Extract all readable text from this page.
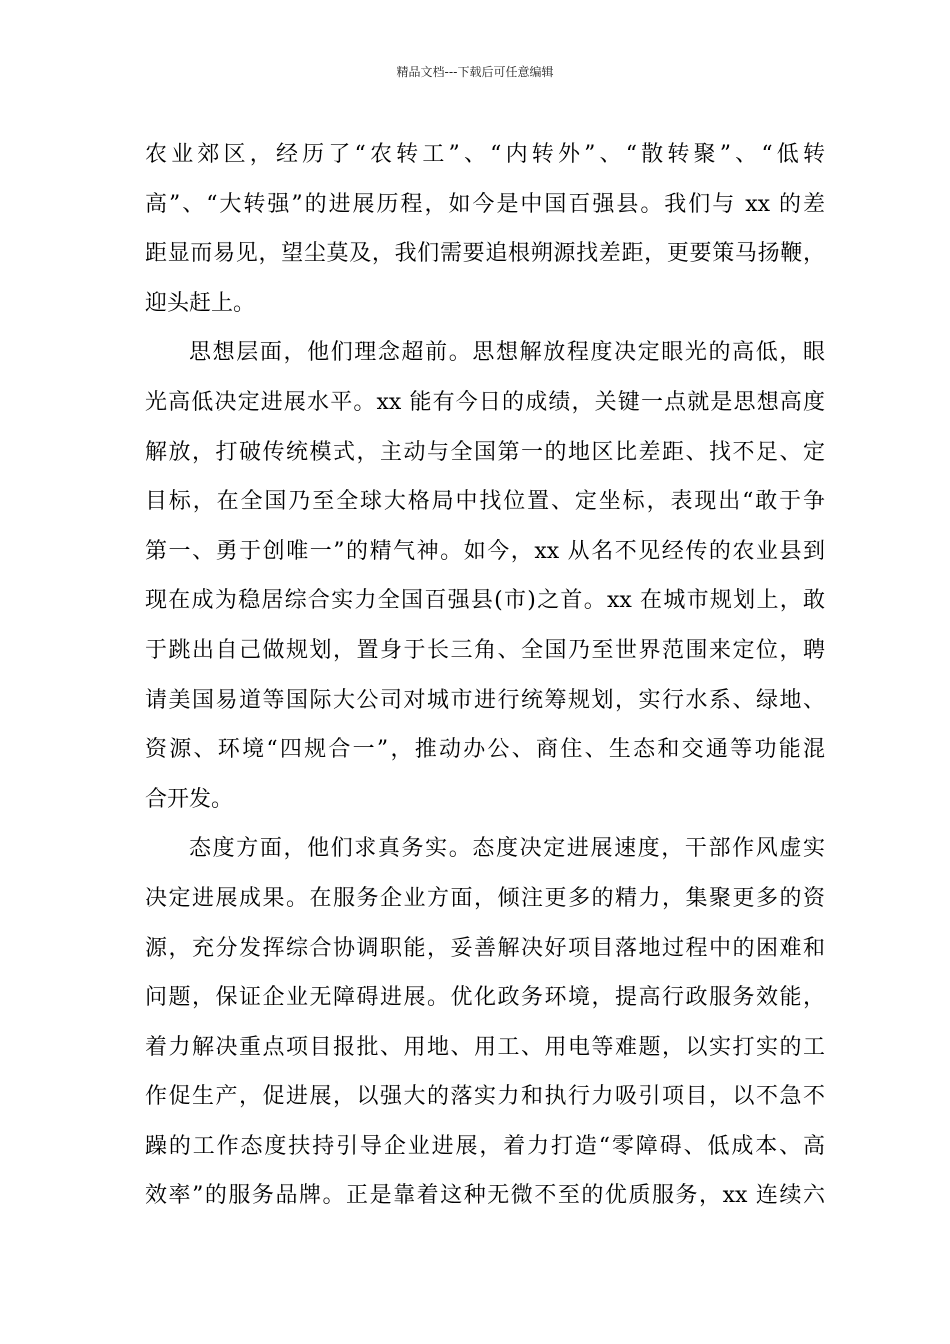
精品文档---下载后可任意编辑
农业郊区，经历了“农转工”、“内转外”、“散转聚”、“低转
高”、“大转强”的进展历程，如今是中国百强县。我们与 xx 的差
距显而易见，望尘莫及，我们需要追根朔源找差距，更要策马扬鞭，
迎头赶上。
思想层面，他们理念超前。思想解放程度决定眼光的高低，眼
光高低决定进展水平。xx 能有今日的成绩，关键一点就是思想高度
解放，打破传统模式，主动与全国第一的地区比差距、找不足、定
目标，在全国乃至全球大格局中找位置、定坐标，表现出“敢于争
第一、勇于创唯一”的精气神。如今，xx 从名不见经传的农业县到
现在成为稳居综合实力全国百强县(市)之首。xx 在城市规划上，敢
于跳出自己做规划，置身于长三角、全国乃至世界范围来定位，聘
请美国易道等国际大公司对城市进行统筹规划，实行水系、绿地、
资源、环境“四规合一”，推动办公、商住、生态和交通等功能混
合开发。
态度方面，他们求真务实。态度决定进展速度，干部作风虚实
决定进展成果。在服务企业方面，倾注更多的精力，集聚更多的资
源，充分发挥综合协调职能，妥善解决好项目落地过程中的困难和
问题，保证企业无障碍进展。优化政务环境，提高行政服务效能，
着力解决重点项目报批、用地、用工、用电等难题，以实打实的工
作促生产，促进展，以强大的落实力和执行力吸引项目，以不急不
躁的工作态度扶持引导企业进展，着力打造“零障碍、低成本、高
效率”的服务品牌。正是靠着这种无微不至的优质服务，xx 连续六
